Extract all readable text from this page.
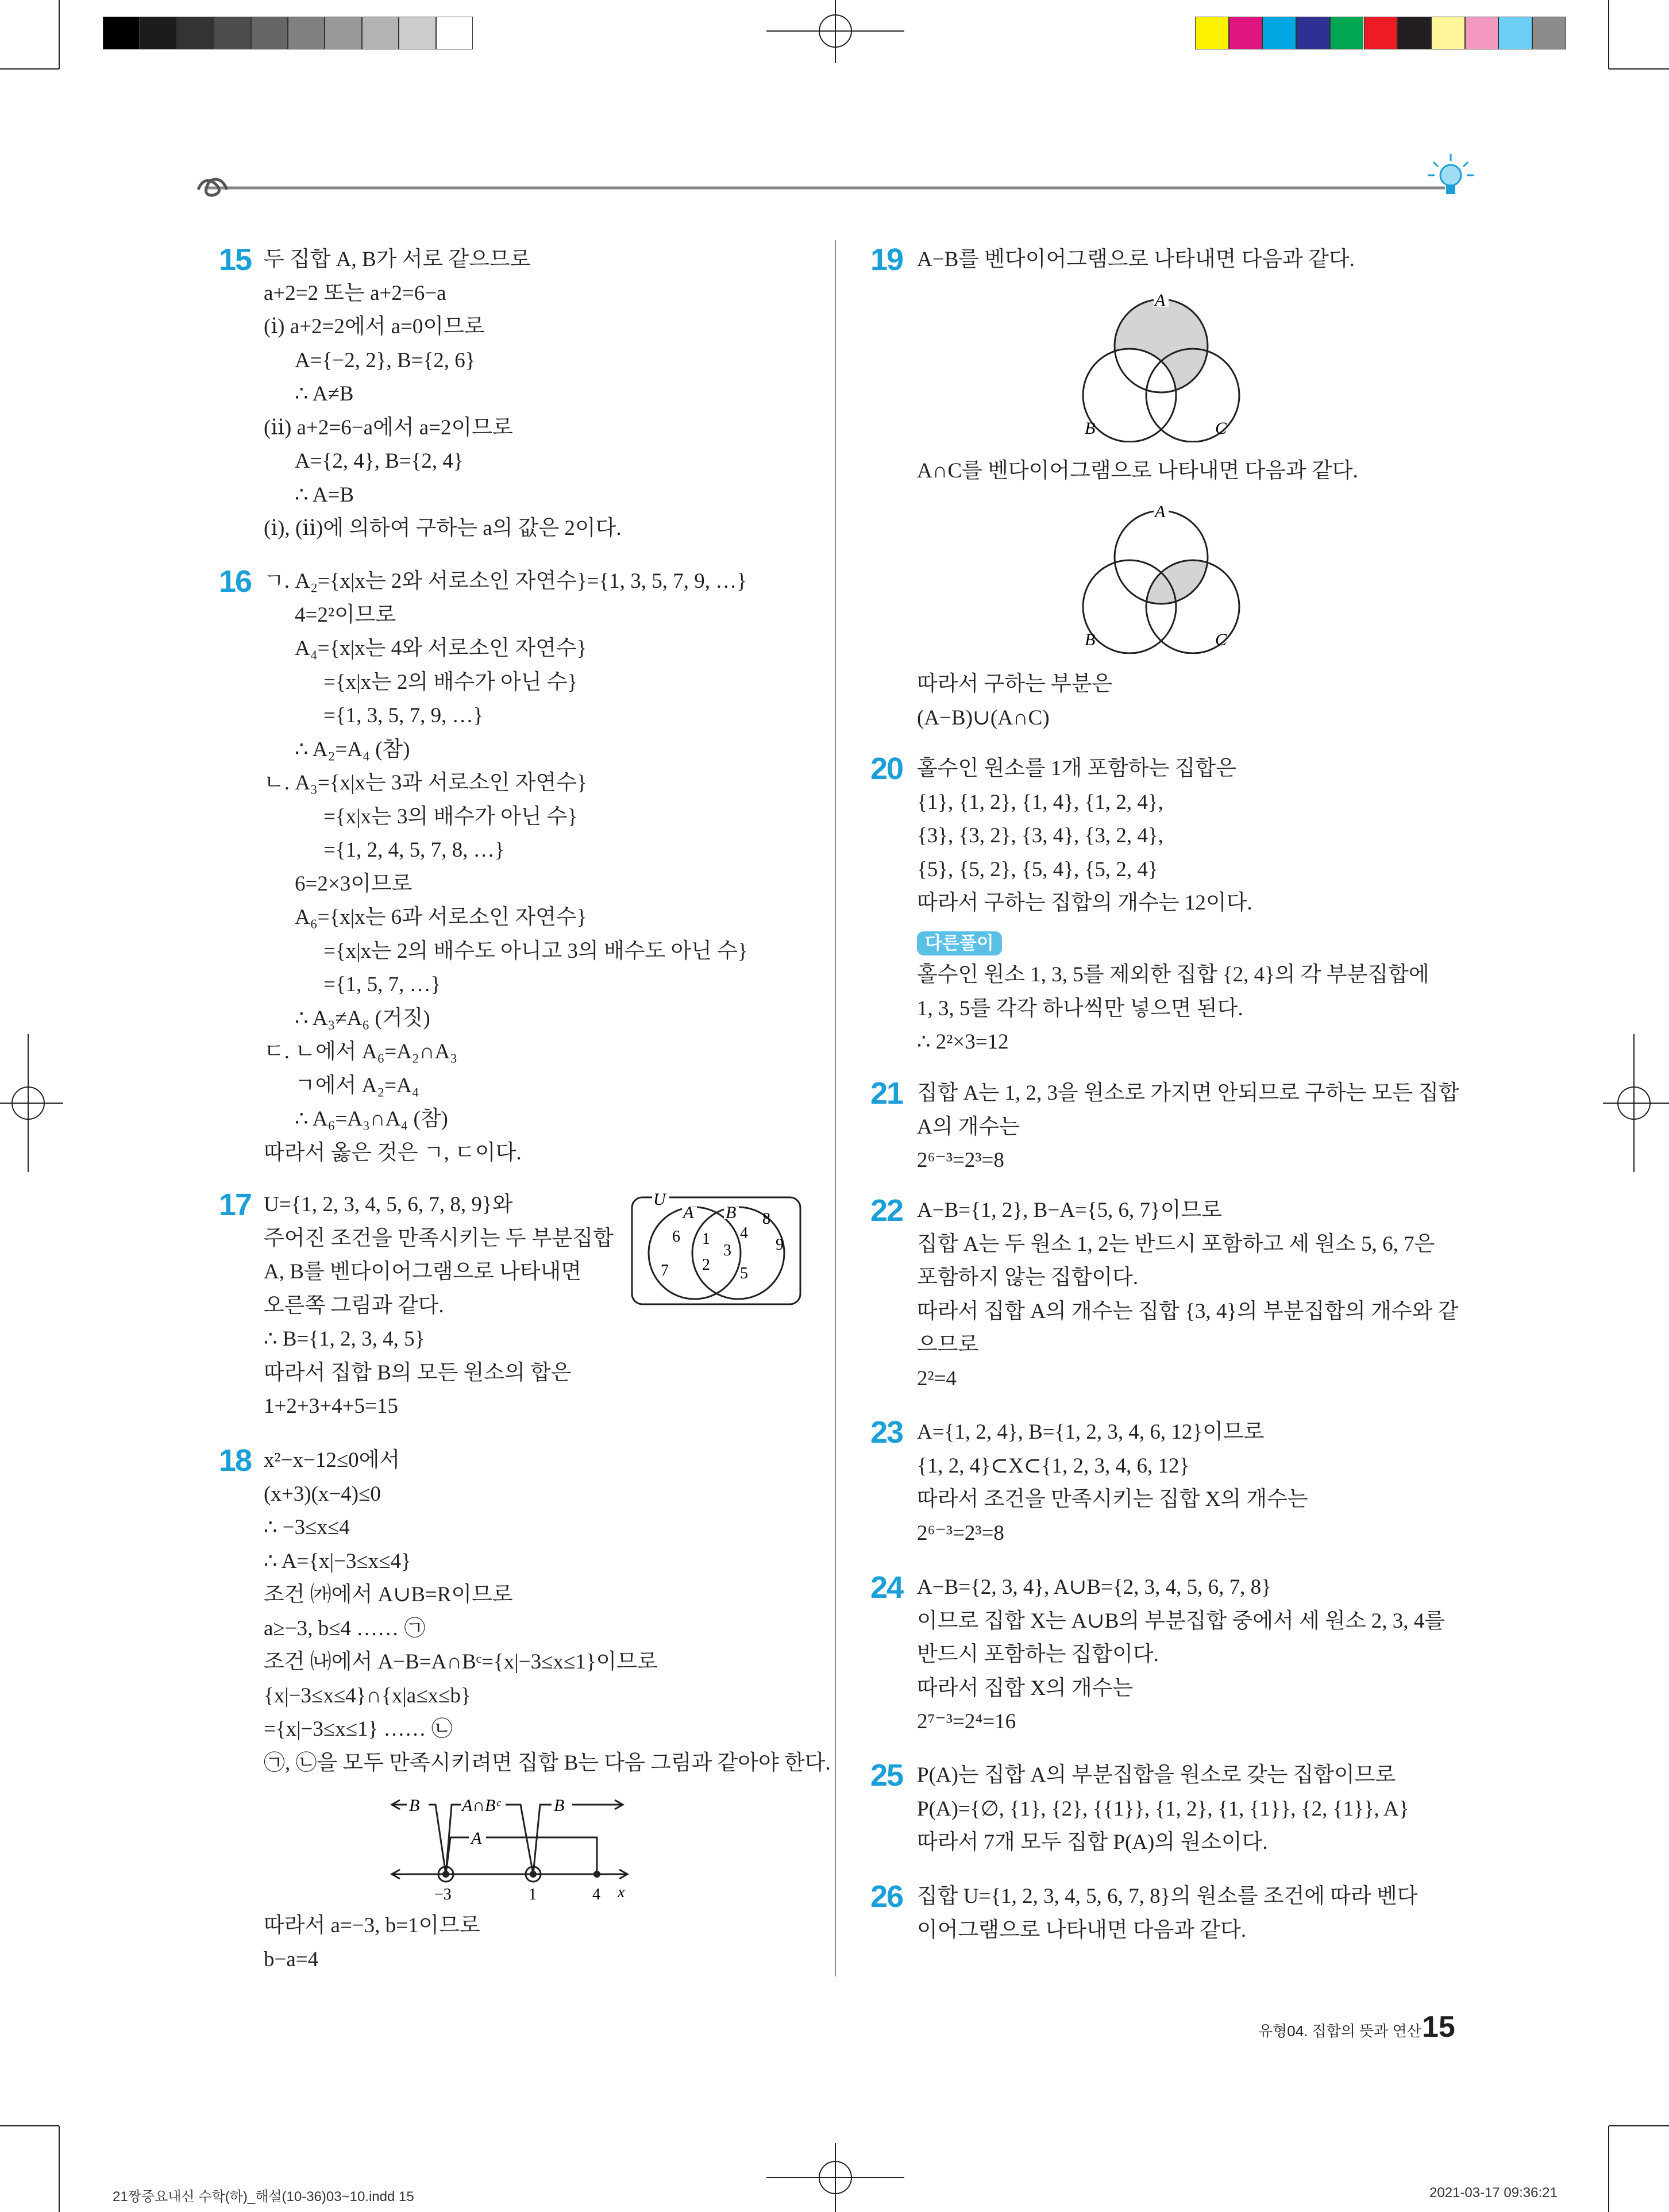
15 두 집합 A, B가 서로 같으므로
a+2=2 또는 a+2=6−a
(ⅰ) a+2=2에서 a=0이므로
A={−2, 2}, B={2, 6}
∴ A≠B
(ⅱ) a+2=6−a에서 a=2이므로
A={2, 4}, B={2, 4}
∴ A=B
(ⅰ), (ⅱ)에 의하여 구하는 a의 값은 2이다.
16 ㄱ. A₂={x|x는 2와 서로소인 자연수}={1, 3, 5, 7, 9, …}
4=2²이므로
A₄={x|x는 4와 서로소인 자연수}
={x|x는 2의 배수가 아닌 수}
={1, 3, 5, 7, 9, …}
∴ A₂=A₄ (참)
ㄴ. A₃={x|x는 3과 서로소인 자연수}
={x|x는 3의 배수가 아닌 수}
={1, 2, 4, 5, 7, 8, …}
6=2×3이므로
A₆={x|x는 6과 서로소인 자연수}
={x|x는 2의 배수도 아니고 3의 배수도 아닌 수}
={1, 5, 7, …}
∴ A₃≠A₆ (거짓)
ㄷ. ㄴ에서 A₆=A₂∩A₃
ㄱ에서 A₂=A₄
∴ A₆=A₃∩A₄ (참)
따라서 옳은 것은 ㄱ, ㄷ이다.
17 U={1, 2, 3, 4, 5, 6, 7, 8, 9}와
주어진 조건을 만족시키는 두 부분집합
A, B를 벤다이어그램으로 나타내면
오른쪽 그림과 같다.
∴ B={1, 2, 3, 4, 5}
따라서 집합 B의 모든 원소의 합은
1+2+3+4+5=15
18 x²−x−12≤0에서
(x+3)(x−4)≤0
∴ −3≤x≤4
∴ A={x|−3≤x≤4}
조건 ㈎에서 A∪B=R이므로
a≥−3, b≤4 …… ㉠
조건 ㈏에서 A−B=A∩Bᶜ={x|−3≤x≤1}이므로
{x|−3≤x≤4}∩{x|a≤x≤b}
={x|−3≤x≤1} …… ㉡
㉠, ㉡을 모두 만족시키려면 집합 B는 다음 그림과 같아야 한다.
따라서 a=−3, b=1이므로
b−a=4
19 A−B를 벤다이어그램으로 나타내면 다음과 같다.
A∩C를 벤다이어그램으로 나타내면 다음과 같다.
따라서 구하는 부분은
(A−B)∪(A∩C)
20 홀수인 원소를 1개 포함하는 집합은
{1}, {1, 2}, {1, 4}, {1, 2, 4},
{3}, {3, 2}, {3, 4}, {3, 2, 4},
{5}, {5, 2}, {5, 4}, {5, 2, 4}
따라서 구하는 집합의 개수는 12이다.
홀수인 원소 1, 3, 5를 제외한 집합 {2, 4}의 각 부분집합에
1, 3, 5를 각각 하나씩만 넣으면 된다.
∴ 2²×3=12
21 집합 A는 1, 2, 3을 원소로 가지면 안되므로 구하는 모든 집합
A의 개수는
2⁶⁻³=2³=8
22 A−B={1, 2}, B−A={5, 6, 7}이므로
집합 A는 두 원소 1, 2는 반드시 포함하고 세 원소 5, 6, 7은
포함하지 않는 집합이다.
따라서 집합 A의 개수는 집합 {3, 4}의 부분집합의 개수와 같
으므로
2²=4
23 A={1, 2, 4}, B={1, 2, 3, 4, 6, 12}이므로
{1, 2, 4}⊂X⊂{1, 2, 3, 4, 6, 12}
따라서 조건을 만족시키는 집합 X의 개수는
2⁶⁻³=2³=8
24 A−B={2, 3, 4}, A∪B={2, 3, 4, 5, 6, 7, 8}
이므로 집합 X는 A∪B의 부분집합 중에서 세 원소 2, 3, 4를
반드시 포함하는 집합이다.
따라서 집합 X의 개수는
2⁷⁻³=2⁴=16
25 P(A)는 집합 A의 부분집합을 원소로 갖는 집합이므로
P(A)={∅, {1}, {2}, {{1}}, {1, 2}, {1, {1}}, {2, {1}}, A}
따라서 7개 모두 집합 P(A)의 원소이다.
26 집합 U={1, 2, 3, 4, 5, 6, 7, 8}의 원소를 조건에 따라 벤다
이어그램으로 나타내면 다음과 같다.
다른풀이
U
A B
6
7
1
2
3
4
5
8
9
B A∩Bᶜ	B
A
−3	1	4 x
A
B	C
A
B	C
유형04. 집합의 뜻과 연산 15
21짱중요내신 수학(하)_해설(10-36)03~10.indd 15	2021-03-17 09:36:21
